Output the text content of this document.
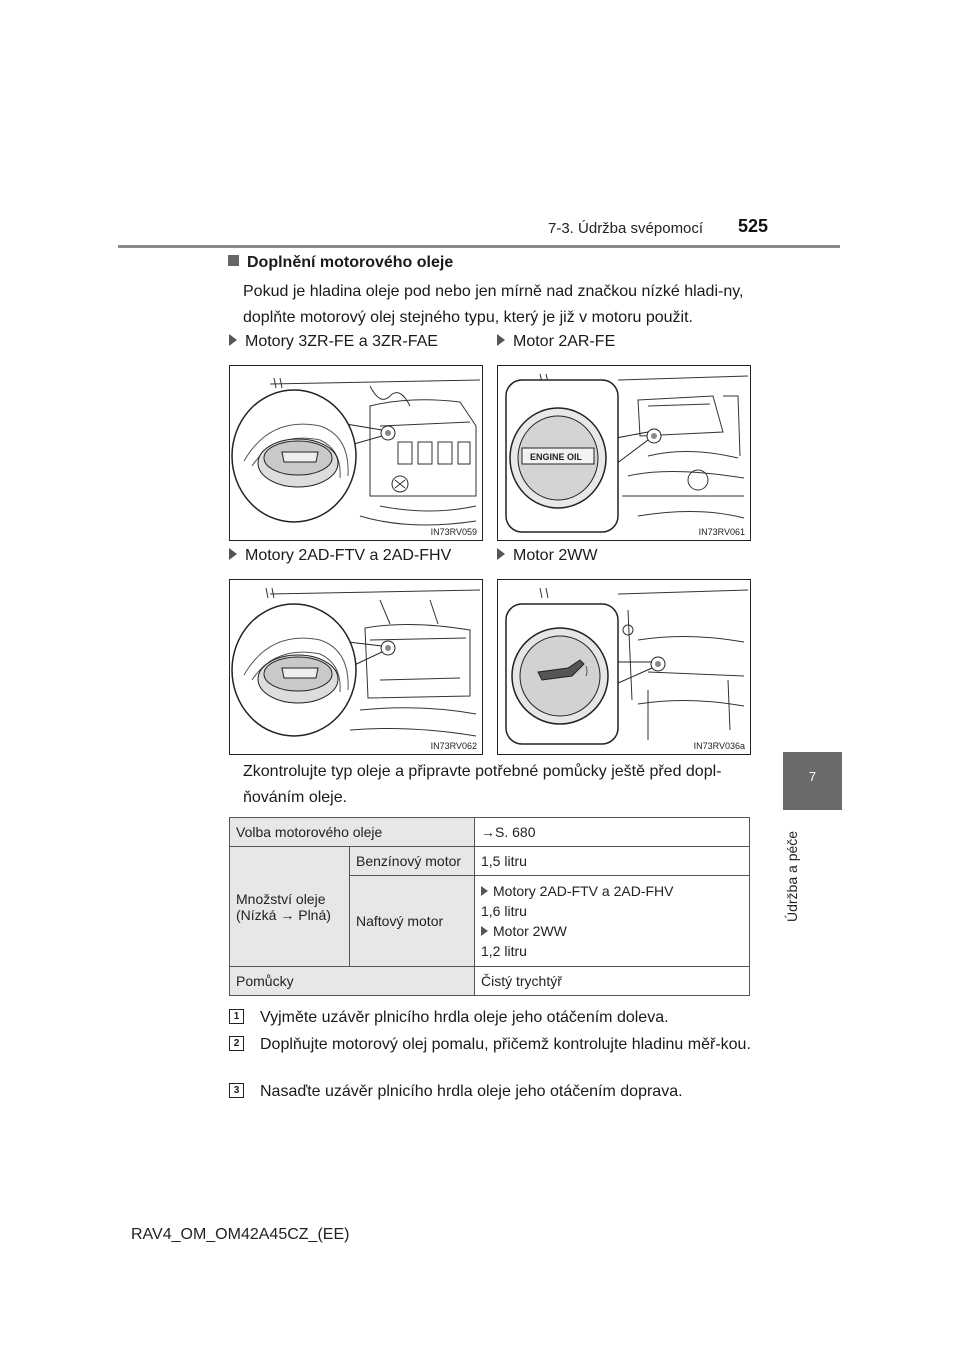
7-3. Údržba svépomocí 525
7
Údržba a péče
Doplnění motorového oleje
Pokud je hladina oleje pod nebo jen mírně nad značkou nízké hladi-ny, doplňte motorový olej stejného typu, který je již v motoru použit.
Motory 3ZR-FE a 3ZR-FAE	Motor 2AR-FE
IN73RV059
ENGINE OIL
IN73RV061
Motory 2AD-FTV a 2AD-FHV	Motor 2WW
IN73RV062	IN73RV036a
Zkontrolujte typ oleje a připravte potřebné pomůcky ještě před dopl-ňováním oleje.
Volba motorového oleje		→S. 680
Množství oleje (Nízká → Plná)	Benzínový motor	1,5 litru
	Naftový motor	Motory 2AD-FTV a 2AD-FHV
1,6 litru
Motor 2WW
1,2 litru

Pomůcky		Čistý trychtýř
1 Vyjměte uzávěr plnicího hrdla oleje jeho otáčením doleva.
2 Doplňujte motorový olej pomalu, přičemž kontrolujte hladinu měř-kou.
3 Nasaďte uzávěr plnicího hrdla oleje jeho otáčením doprava.
RAV4_OM_OM42A45CZ_(EE)
